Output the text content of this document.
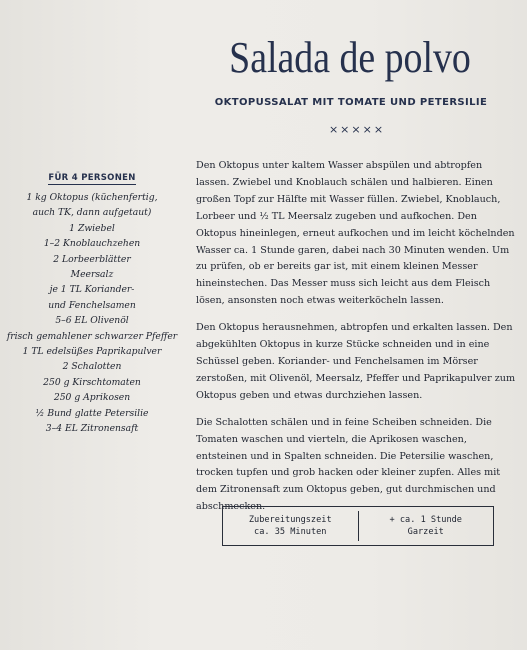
Salada de polvo
OKTOPUSSALAT MIT TOMATE UND PETERSILIE
×××××
FÜR 4 PERSONEN
1 kg Oktopus (küchenfertig,
auch TK, dann aufgetaut)
1 Zwiebel
1–2 Knoblauchzehen
2 Lorbeerblätter
Meersalz
je 1 TL Koriander-
und Fenchelsamen
5–6 EL Olivenöl
frisch gemahlener schwarzer Pfeffer
1 TL edelsüßes Paprikapulver
2 Schalotten
250 g Kirschtomaten
250 g Aprikosen
½ Bund glatte Petersilie
3–4 EL Zitronensaft

Den Oktopus unter kaltem Wasser abspülen und abtropfen lassen. Zwiebel und Knoblauch schälen und halbieren. Einen großen Topf zur Hälfte mit Wasser füllen. Zwiebel, Knoblauch, Lorbeer und ½ TL Meersalz zugeben und aufkochen. Den Oktopus hineinlegen, erneut aufkochen und im leicht köchelnden Wasser ca. 1 Stunde garen, dabei nach 30 Minuten wenden. Um zu prüfen, ob er bereits gar ist, mit einem kleinen Messer hineinstechen. Das Messer muss sich leicht aus dem Fleisch lösen, ansonsten noch etwas weiterköcheln lassen.

Den Oktopus herausnehmen, abtropfen und erkalten lassen. Den abgekühlten Oktopus in kurze Stücke schneiden und in eine Schüssel geben. Koriander- und Fenchelsamen im Mörser zerstoßen, mit Olivenöl, Meersalz, Pfeffer und Paprikapulver zum Oktopus geben und etwas durchziehen lassen.

Die Schalotten schälen und in feine Scheiben schneiden. Die Tomaten waschen und vierteln, die Aprikosen waschen, entsteinen und in Spalten schneiden. Die Petersilie waschen, trocken tupfen und grob hacken oder kleiner zupfen. Alles mit dem Zitronensaft zum Oktopus geben, gut durchmischen und abschmecken.

Zubereitungszeit
ca. 35 Minuten
+ ca. 1 Stunde
Garzeit
